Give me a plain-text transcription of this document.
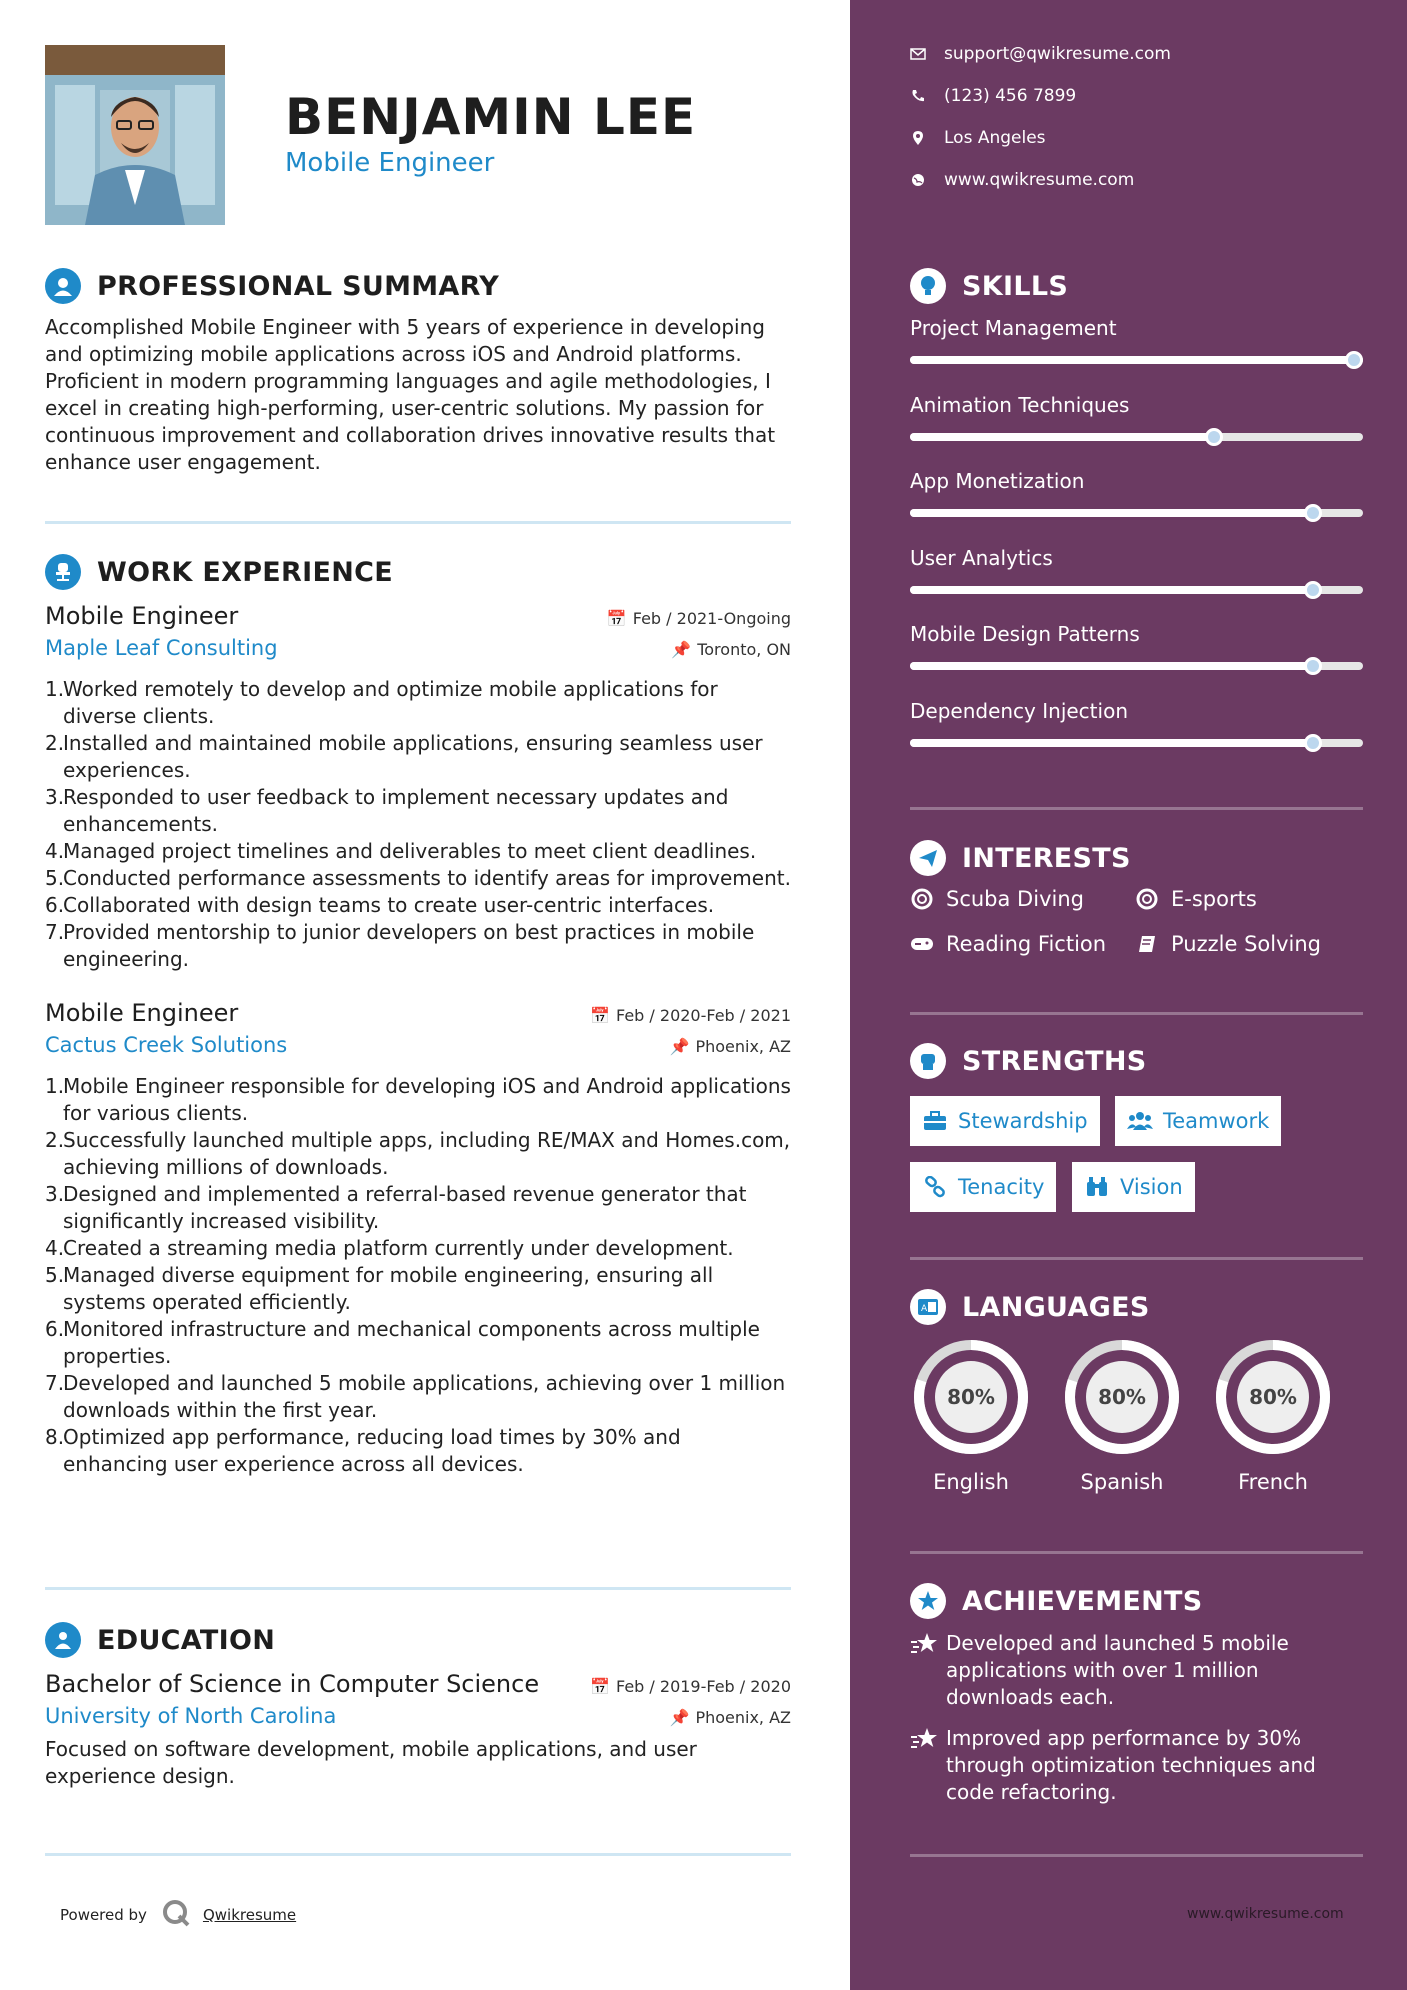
BENJAMIN LEE
Mobile Engineer
PROFESSIONAL SUMMARY
Accomplished Mobile Engineer with 5 years of experience in developing and optimizing mobile applications across iOS and Android platforms. Proficient in modern programming languages and agile methodologies, I excel in creating high-performing, user-centric solutions. My passion for continuous improvement and collaboration drives innovative results that enhance user engagement.
WORK EXPERIENCE
Mobile Engineer	📅 Feb / 2021-Ongoing
Maple Leaf Consulting	📌 Toronto, ON
1.
Worked remotely to develop and optimize mobile applications for diverse clients.
2.
Installed and maintained mobile applications, ensuring seamless user experiences.
3.
Responded to user feedback to implement necessary updates and enhancements.
4.
Managed project timelines and deliverables to meet client deadlines.
5.
Conducted performance assessments to identify areas for improvement.
6.
Collaborated with design teams to create user-centric interfaces.
7.
Provided mentorship to junior developers on best practices in mobile engineering.
Mobile Engineer	📅 Feb / 2020-Feb / 2021
Cactus Creek Solutions	📌 Phoenix, AZ
1.
Mobile Engineer responsible for developing iOS and Android applications for various clients.
2.
Successfully launched multiple apps, including RE/MAX and Homes.com, achieving millions of downloads.
3.
Designed and implemented a referral-based revenue generator that significantly increased visibility.
4.
Created a streaming media platform currently under development.
5.
Managed diverse equipment for mobile engineering, ensuring all systems operated efficiently.
6.
Monitored infrastructure and mechanical components across multiple properties.
7.
Developed and launched 5 mobile applications, achieving over 1 million downloads within the first year.
8.
Optimized app performance, reducing load times by 30% and enhancing user experience across all devices.
EDUCATION
Bachelor of Science in Computer Science	📅 Feb / 2019-Feb / 2020
University of North Carolina	📌 Phoenix, AZ
Focused on software development, mobile applications, and user experience design.
Powered by	Qwikresume
support@qwikresume.com
(123) 456 7899
Los Angeles
www.qwikresume.com
SKILLS
Project Management
Animation Techniques
App Monetization
User Analytics
Mobile Design Patterns
Dependency Injection
INTERESTS
Scuba Diving	E-sports
Reading Fiction	Puzzle Solving
STRENGTHS
Stewardship	Teamwork
Tenacity	Vision
A LANGUAGES
80%
English
80%
Spanish
80%
French
ACHIEVEMENTS
Developed and launched 5 mobile applications with over 1 million downloads each.
Improved app performance by 30% through optimization techniques and code refactoring.
www.qwikresume.com
